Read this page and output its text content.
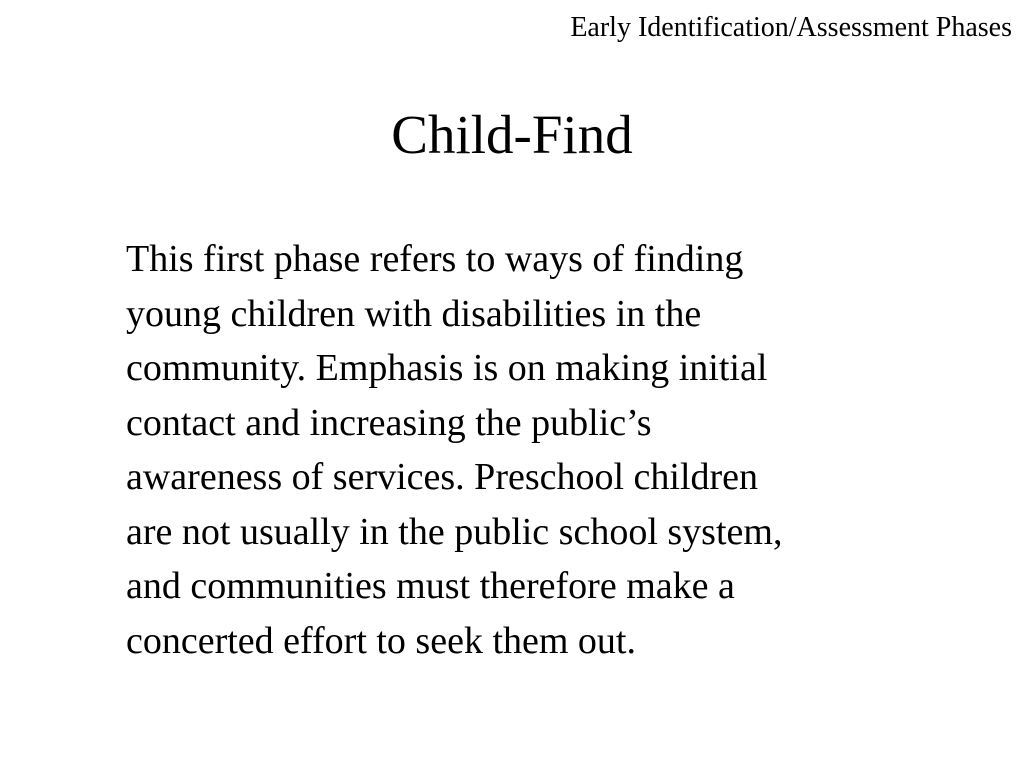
Early Identification/Assessment Phases
Child-Find

This first phase refers to ways of finding
young children with disabilities in the
community. Emphasis is on making initial
contact and increasing the public’s
awareness of services. Preschool children
are not usually in the public school system,
and communities must therefore make a
concerted effort to seek them out.
